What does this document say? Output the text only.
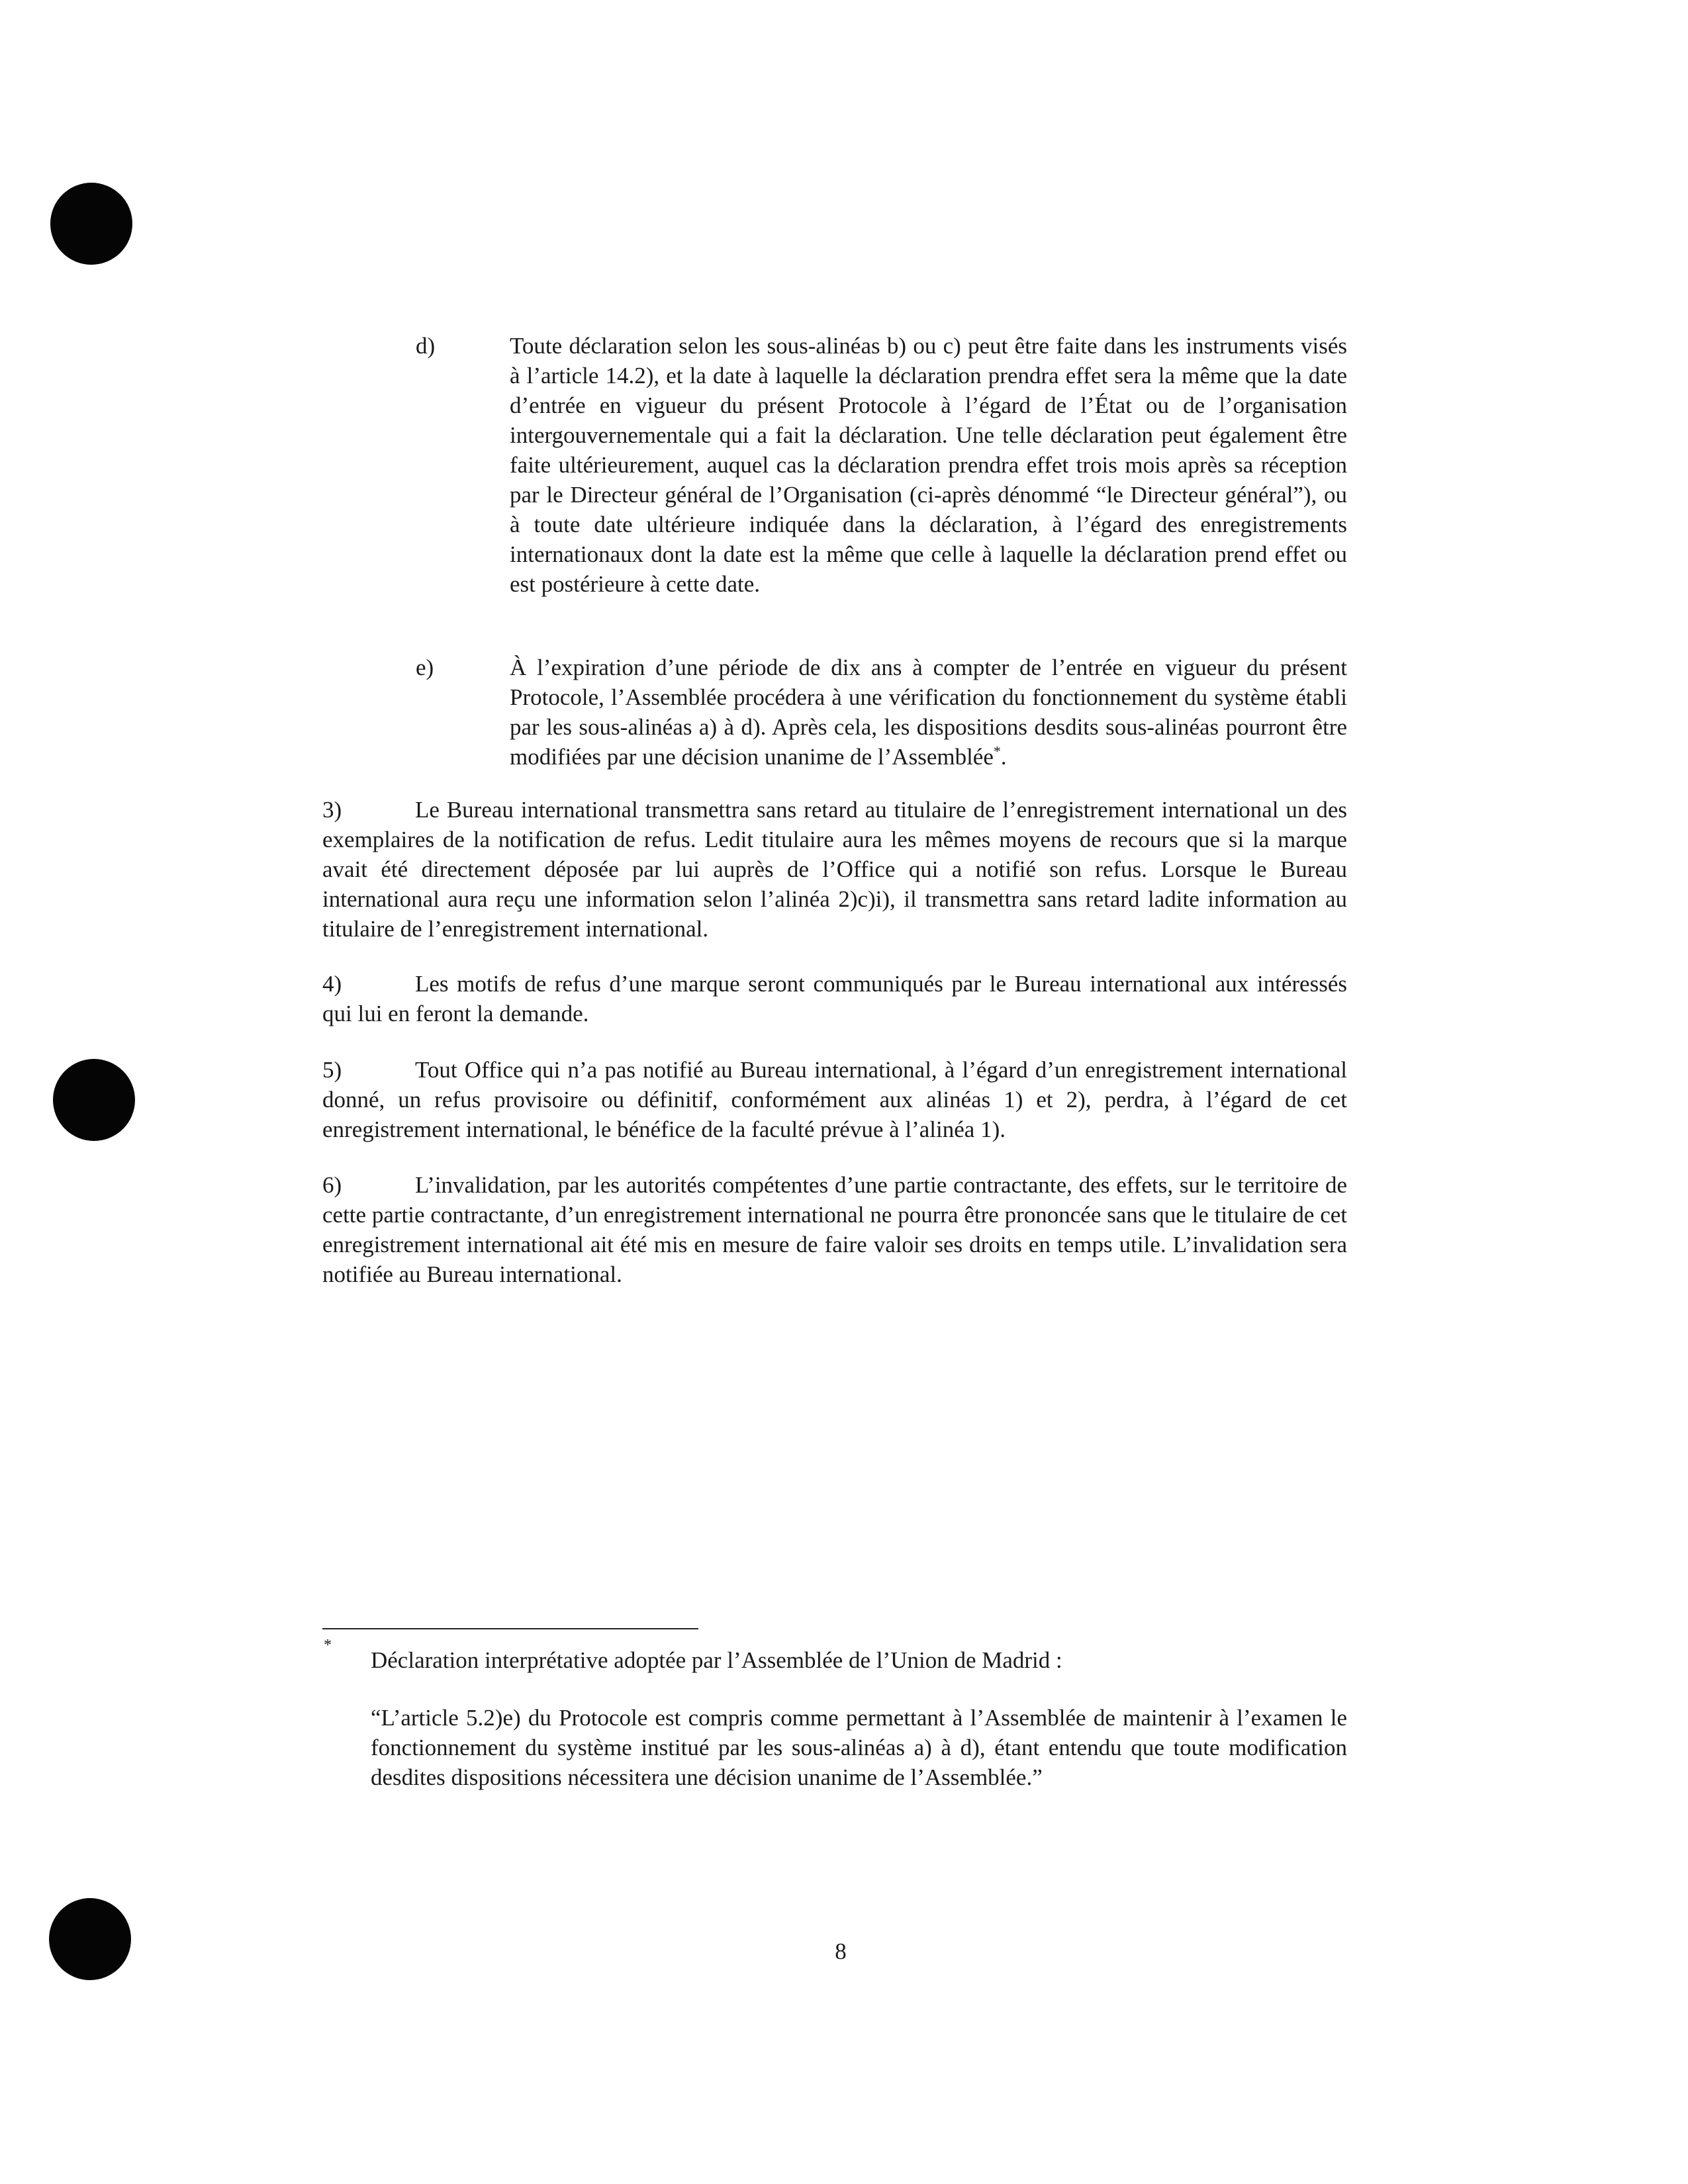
d)	Toute déclaration selon les sous-alinéas b) ou c) peut être faite dans les instruments visés à l’article 14.2), et la date à laquelle la déclaration prendra effet sera la même que la date d’entrée en vigueur du présent Protocole à l’égard de l’État ou de l’organisation intergouvernementale qui a fait la déclaration. Une telle déclaration peut également être faite ultérieurement, auquel cas la déclaration prendra effet trois mois après sa réception par le Directeur général de l’Organisation (ci-après dénommé “le Directeur général”), ou à toute date ultérieure indiquée dans la déclaration, à l’égard des enregistrements internationaux dont la date est la même que celle à laquelle la déclaration prend effet ou est postérieure à cette date.
e)	À l’expiration d’une période de dix ans à compter de l’entrée en vigueur du présent Protocole, l’Assemblée procédera à une vérification du fonctionnement du système établi par les sous-alinéas a) à d). Après cela, les dispositions desdits sous-alinéas pourront être modifiées par une décision unanime de l’Assemblée*.
3)	Le Bureau international transmettra sans retard au titulaire de l’enregistrement international un des exemplaires de la notification de refus. Ledit titulaire aura les mêmes moyens de recours que si la marque avait été directement déposée par lui auprès de l’Office qui a notifié son refus. Lorsque le Bureau international aura reçu une information selon l’alinéa 2)c)i), il transmettra sans retard ladite information au titulaire de l’enregistrement international.
4)	Les motifs de refus d’une marque seront communiqués par le Bureau international aux intéressés qui lui en feront la demande.
5)	Tout Office qui n’a pas notifié au Bureau international, à l’égard d’un enregistrement international donné, un refus provisoire ou définitif, conformément aux alinéas 1) et 2), perdra, à l’égard de cet enregistrement international, le bénéfice de la faculté prévue à l’alinéa 1).
6)	L’invalidation, par les autorités compétentes d’une partie contractante, des effets, sur le territoire de cette partie contractante, d’un enregistrement international ne pourra être prononcée sans que le titulaire de cet enregistrement international ait été mis en mesure de faire valoir ses droits en temps utile. L’invalidation sera notifiée au Bureau international.
*
Déclaration interprétative adoptée par l’Assemblée de l’Union de Madrid :
“L’article 5.2)e) du Protocole est compris comme permettant à l’Assemblée de maintenir à l’examen le fonctionnement du système institué par les sous-alinéas a) à d), étant entendu que toute modification desdites dispositions nécessitera une décision unanime de l’Assemblée.”
8
